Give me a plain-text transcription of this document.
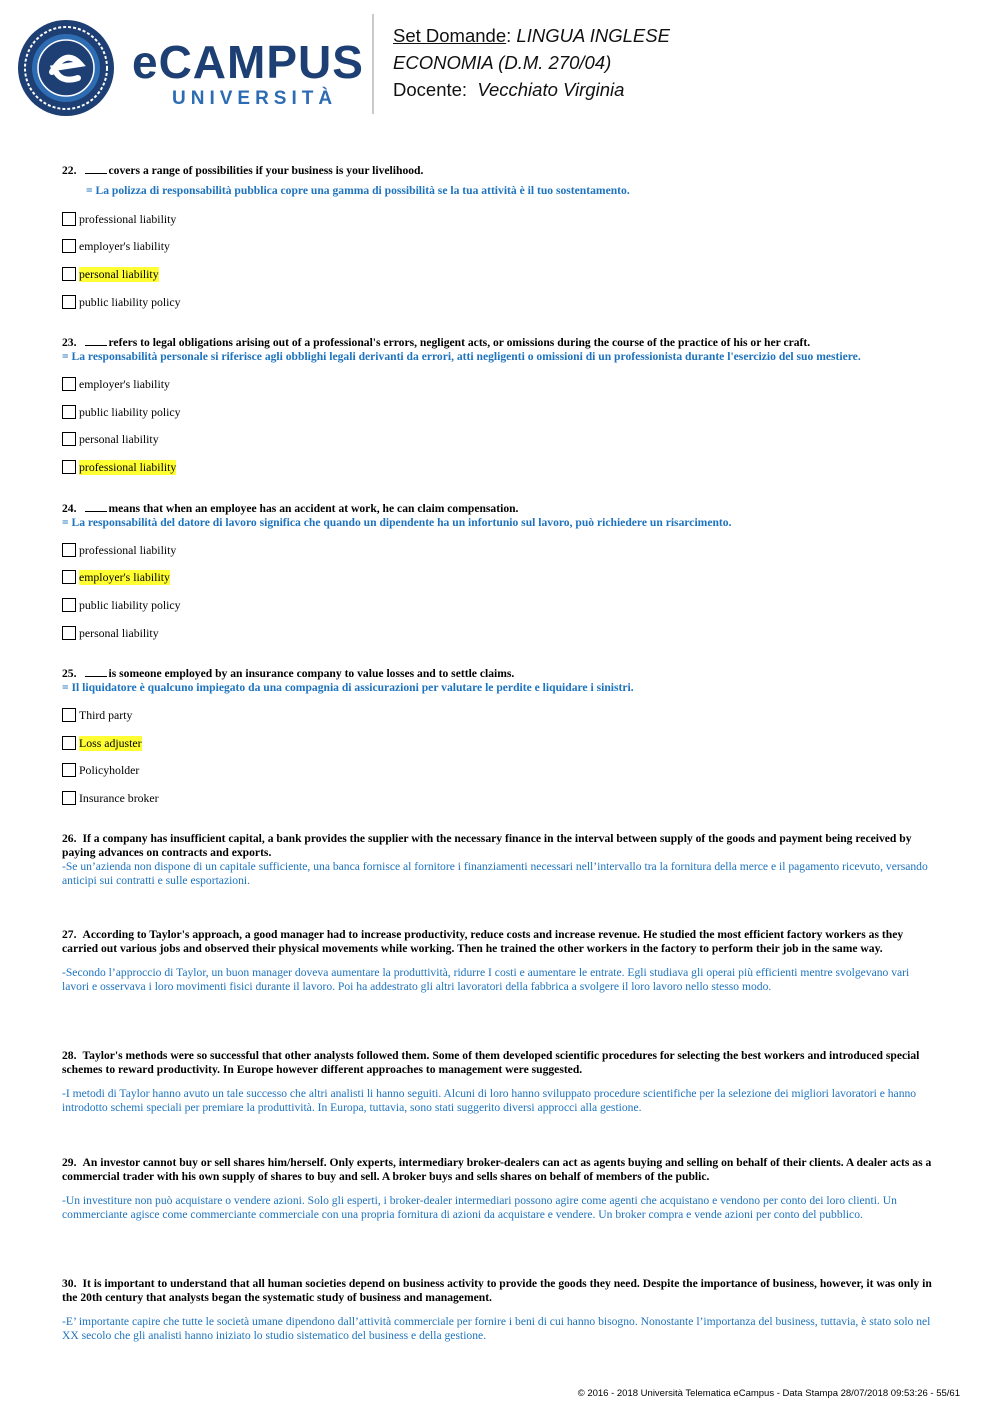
eCAMPUS
UNIVERSITÀ
Set Domande: LINGUA INGLESE
ECONOMIA (D.M. 270/04)
Docente: Vecchiato Virginia
22.	covers a range of possibilities if your business is your livelihood.
= La polizza di responsabilità pubblica copre una gamma di possibilità se la tua attività è il tuo sostentamento.
professional liability
employer's liability
personal liability
public liability policy
23.	refers to legal obligations arising out of a professional's errors, negligent acts, or omissions during the course of the practice of his or her craft.
= La responsabilità personale si riferisce agli obblighi legali derivanti da errori, atti negligenti o omissioni di un professionista durante l'esercizio del suo mestiere.
employer's liability
public liability policy
personal liability
professional liability
24.	means that when an employee has an accident at work, he can claim compensation.
= La responsabilità del datore di lavoro significa che quando un dipendente ha un infortunio sul lavoro, può richiedere un risarcimento.
professional liability
employer's liability
public liability policy
personal liability
25.	is someone employed by an insurance company to value losses and to settle claims.
= Il liquidatore è qualcuno impiegato da una compagnia di assicurazioni per valutare le perdite e liquidare i sinistri.
Third party
Loss adjuster
Policyholder
Insurance broker
26. If a company has insufficient capital, a bank provides the supplier with the necessary finance in the interval between supply of the goods and payment being received by paying advances on contracts and exports.
-Se un’azienda non dispone di un capitale sufficiente, una banca fornisce al fornitore i finanziamenti necessari nell’intervallo tra la fornitura della merce e il pagamento ricevuto, versando anticipi sui contratti e sulle esportazioni.
27. According to Taylor's approach, a good manager had to increase productivity, reduce costs and increase revenue. He studied the most efficient factory workers as they carried out various jobs and observed their physical movements while working. Then he trained the other workers in the factory to perform their job in the same way.
-Secondo l’approccio di Taylor, un buon manager doveva aumentare la produttività, ridurre I costi e aumentare le entrate. Egli studiava gli operai più efficienti mentre svolgevano vari lavori e osservava i loro movimenti fisici durante il lavoro. Poi ha addestrato gli altri lavoratori della fabbrica a svolgere il loro lavoro nello stesso modo.
28. Taylor's methods were so successful that other analysts followed them. Some of them developed scientific procedures for selecting the best workers and introduced special schemes to reward productivity. In Europe however different approaches to management were suggested.
-I metodi di Taylor hanno avuto un tale successo che altri analisti li hanno seguiti. Alcuni di loro hanno sviluppato procedure scientifiche per la selezione dei migliori lavoratori e hanno introdotto schemi speciali per premiare la produttività. In Europa, tuttavia, sono stati suggerito diversi approcci alla gestione.
29. An investor cannot buy or sell shares him/herself. Only experts, intermediary broker-dealers can act as agents buying and selling on behalf of their clients. A dealer acts as a commercial trader with his own supply of shares to buy and sell. A broker buys and sells shares on behalf of members of the public.
-Un investiture non può acquistare o vendere azioni. Solo gli esperti, i broker-dealer intermediari possono agire come agenti che acquistano e vendono per conto dei loro clienti. Un commerciante agisce come commerciante commerciale con una propria fornitura di azioni da acquistare e vendere. Un broker compra e vende azioni per conto del pubblico.
30. It is important to understand that all human societies depend on business activity to provide the goods they need. Despite the importance of business, however, it was only in the 20th century that analysts began the systematic study of business and management.
-E’ importante capire che tutte le società umane dipendono dall’attività commerciale per fornire i beni di cui hanno bisogno. Nonostante l’importanza del business, tuttavia, è stato solo nel XX secolo che gli analisti hanno iniziato lo studio sistematico del business e della gestione.
© 2016 - 2018 Università Telematica eCampus - Data Stampa 28/07/2018 09:53:26 - 55/61
